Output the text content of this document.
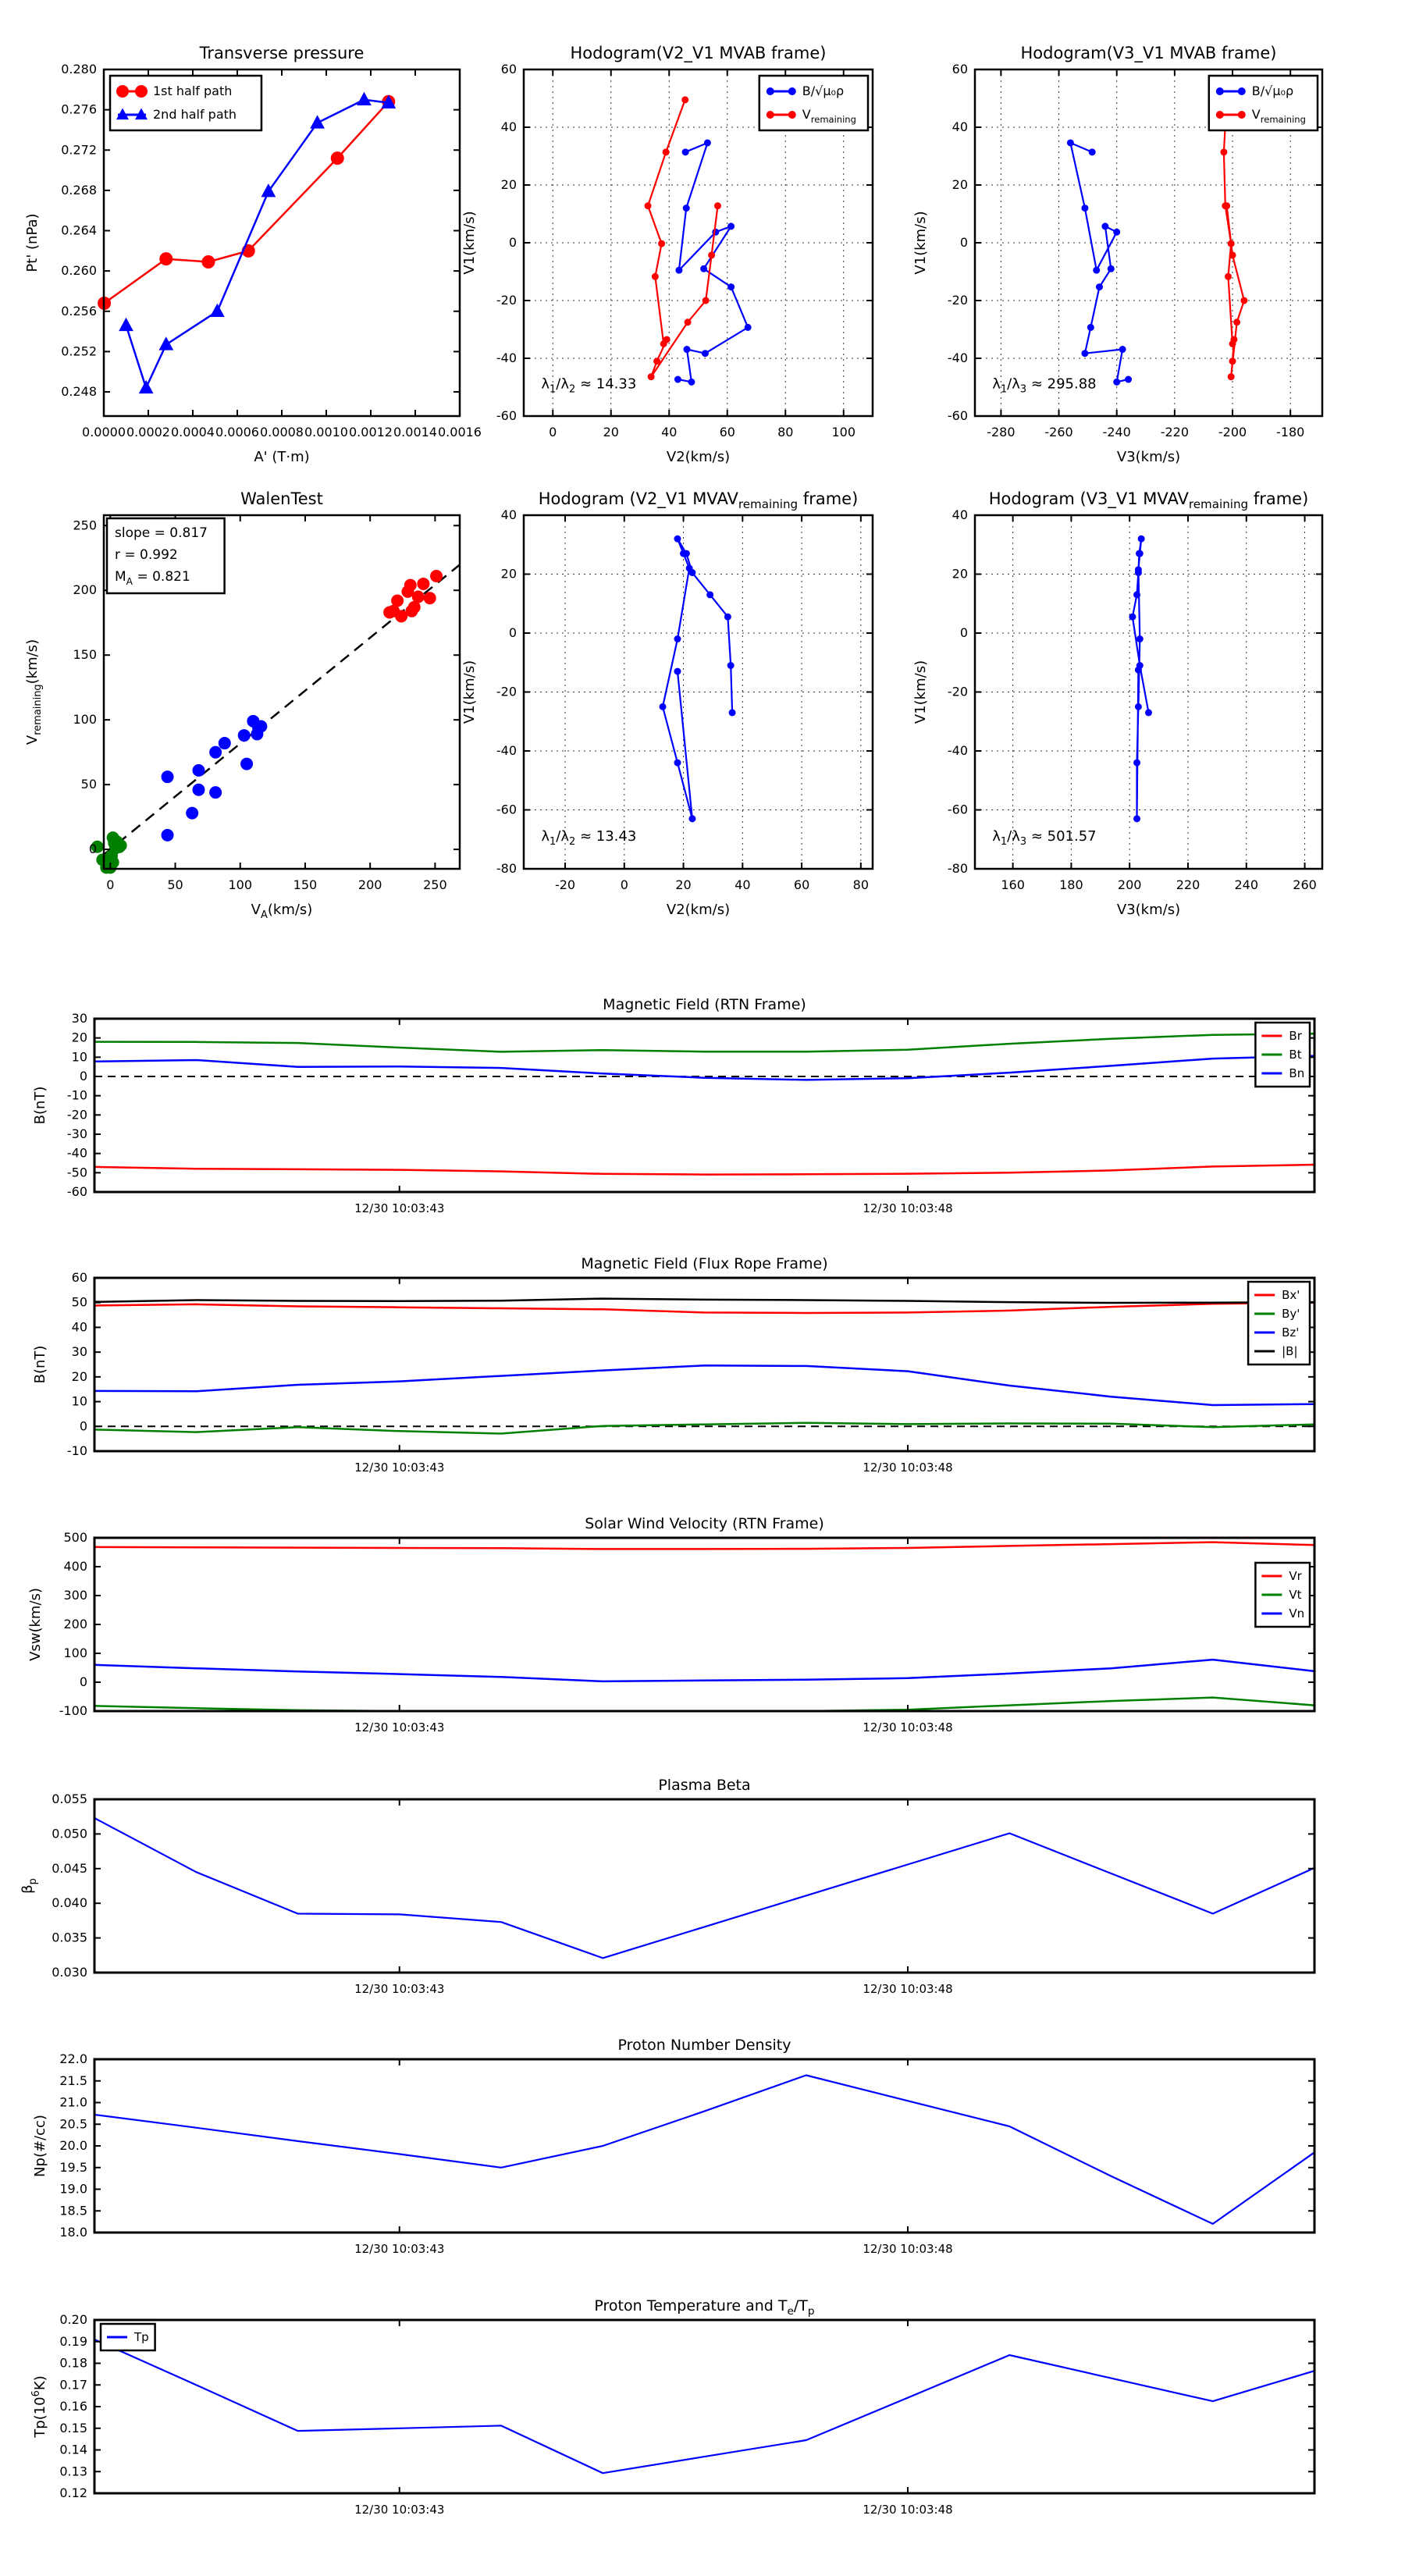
0.0000 0.0002 0.0004 0.0006 0.0008 0.0010 0.0012 0.0014 0.0016
0.248
0.252
0.256
0.260
0.264
0.268
0.272
0.276
0.280
Transverse pressure
A' (T·m)
Pt' (nPa)
1st half path
2nd half path
0	20	40	60	80	100
-60
-40
-20
0
20
40
60
Hodogram(V2_V1 MVAB frame)
V2(km/s)
V1(km/s)
$\lambda_1/\lambda_2 \approx 14.33$
B/√μ₀ρ
$V_{remaining}$
-280 -260 -240 -220 -200 -180
-60
-40
-20
0
20
40
60
Hodogram(V3_V1 MVAB frame)
V3(km/s)
V1(km/s)
$\lambda_1/\lambda_3 \approx 295.88$
B/√μ₀ρ
$V_{remaining}$
0	50	100	150	200	250
0
50
100
150
200
250
WalenTest
$V_A(km/s)$
$V_{remaining}(km/s)$
slope = 0.817
r = 0.992
$M_A = 0.821$
-20	0	20	40	60	80
-80
-60
-40
-20
0
20
40
Hodogram (V2_V1 $MVAV_{remaining}$ frame)
V2(km/s)
V1(km/s)
$\lambda_1/\lambda_2 \approx 13.43$
160	180	200	220	240	260
-80
-60
-40
-20
0
20
40
Hodogram (V3_V1 $MVAV_{remaining}$ frame)
V3(km/s)
V1(km/s)
$\lambda_1/\lambda_3 \approx 501.57$
12/30 10:03:43	12/30 10:03:48
-60
-50
-40
-30
-20
-10
0
10
20
30
Magnetic Field (RTN Frame)
B(nT)
Br
Bt
Bn
12/30 10:03:43	12/30 10:03:48
-10
0
10
20
30
40
50
60
Magnetic Field (Flux Rope Frame)
B(nT)
Bx'
By'
Bz'
|B|
12/30 10:03:43	12/30 10:03:48
-100
0
100
200
300
400
500
Solar Wind Velocity (RTN Frame)
Vsw(km/s)
Vr
Vt
Vn
12/30 10:03:43	12/30 10:03:48
0.030
0.035
0.040
0.045
0.050
0.055
Plasma Beta
$\beta_p$
12/30 10:03:43	12/30 10:03:48
18.0
18.5
19.0
19.5
20.0
20.5
21.0
21.5
22.0
Proton Number Density
Np(#/cc)
12/30 10:03:43	12/30 10:03:48
0.12
0.13
0.14
0.15
0.16
0.17
0.18
0.19
0.20
Proton Temperature and $T_e/T_p$
$Tp(10^6K)$
Tp
